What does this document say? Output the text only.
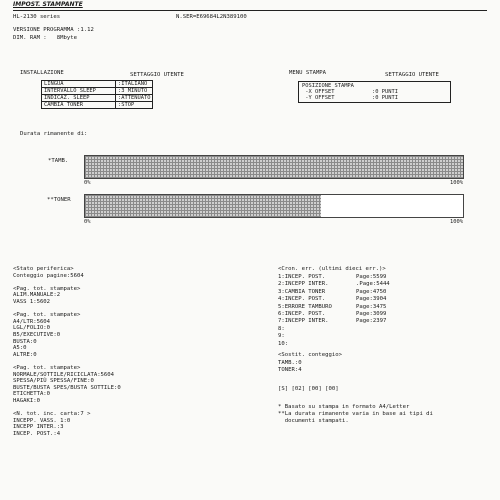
IMPOST. STAMPANTE
HL-2130 series	N.SER=E69684L2N389100
VERSIONE PROGRAMMA :1.12
DIM. RAM :   8Mbyte
INSTALLAZIONE	SETTAGGIO UTENTE
LINGUA	:ITALIANO
INTERVALLO SLEEP	:3 MINUTO
INDICAZ. SLEEP	:ATTENUATO
CAMBIA TONER	:STOP
MENU STAMPA	SETTAGGIO UTENTE
POSIZIONE STAMPA
-X OFFSET	:0 PUNTI
-Y OFFSET	:0 PUNTI
Durata rimanente di:
*TAMB.
0%	100%
**TONER
0%	100%
<Stato periferica>
Conteggio pagine:5604
<Pag. tot. stampate>
ALIM.MANUALE:2
VASS 1:5602
<Pag. tot. stampate>
A4/LTR:5604
LGL/FOLIO:0
B5/EXECUTIVE:0
BUSTA:0
A5:0
ALTRE:0
<Pag. tot. stampate>
NORMALE/SOTTILE/RICICLATA:5604
SPESSA/PIÙ SPESSA/FINE:0
BUSTE/BUSTA SPES/BUSTA SOTTILE:0
ETICHETTA:0
HAGAKI:0
<N. tot. inc. carta:7 >
INCEPP. VASS. 1:0
INCEPP INTER.:3
INCEP. POST.:4
<Cron. err. (ultimi dieci err.)>
1:INCEP. POST.	Page:5599
2:INCEPP INTER.	.Page:5444
3:CAMBIA TONER	Page:4750
4:INCEP. POST.	Page:3904
5:ERRORE TAMBURO	Page:3475
6:INCEP. POST.	Page:3099
7:INCEPP INTER.	Page:2397
8:
9:
10:
<Sostit. conteggio>
TAMB.:0
TONER:4
[S] [02] [00] [00]
* Basato su stampa in formato A4/Letter
**La durata rimanente varia in base ai tipi di
documenti stampati.
